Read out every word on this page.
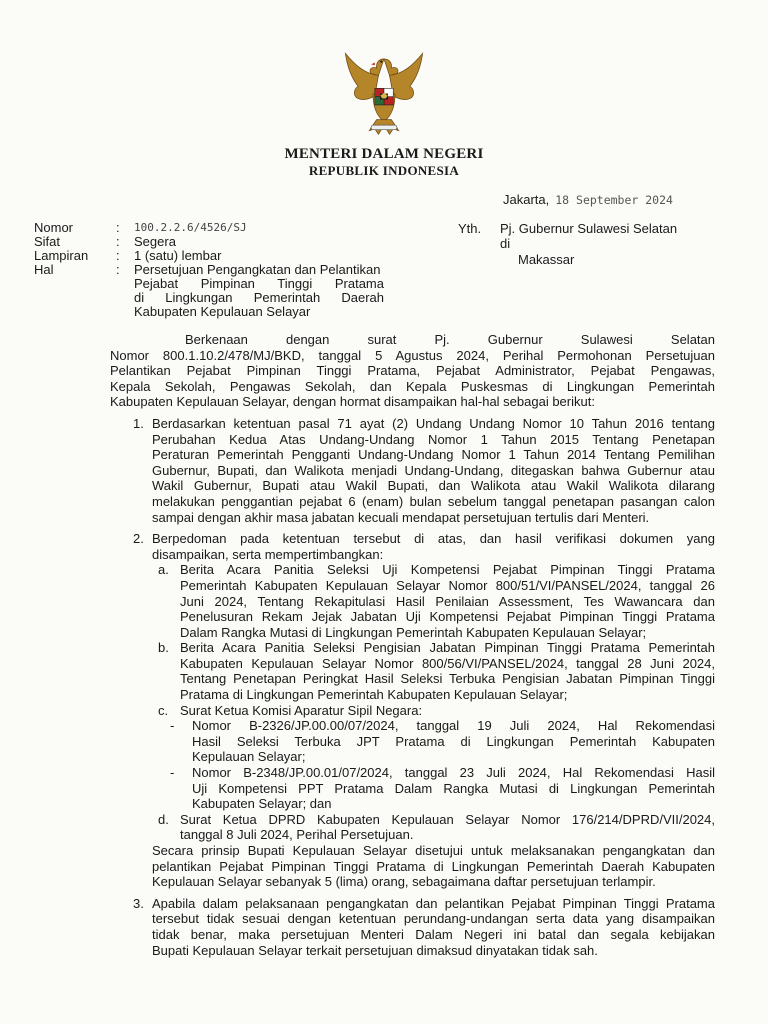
MENTERI DALAM NEGERI
REPUBLIK INDONESIA
Jakarta, 18 September 2024
Nomor	:	100.2.2.6/4526/SJ
Sifat	:	Segera
Lampiran	:	1 (satu) lembar
Hal	:	Persetujuan Pengangkatan dan Pelantikan
Pejabat Pimpinan Tinggi Pratama
di Lingkungan Pemerintah Daerah
Kabupaten Kepulauan Selayar
Yth.	Pj. Gubernur Sulawesi Selatan
di
Makassar
Berkenaan dengan surat Pj. Gubernur Sulawesi Selatan
Nomor 800.1.10.2/478/MJ/BKD, tanggal 5 Agustus 2024, Perihal Permohonan Persetujuan
Pelantikan Pejabat Pimpinan Tinggi Pratama, Pejabat Administrator, Pejabat Pengawas,
Kepala Sekolah, Pengawas Sekolah, dan Kepala Puskesmas di Lingkungan Pemerintah
Kabupaten Kepulauan Selayar, dengan hormat disampaikan hal-hal sebagai berikut:
1. Berdasarkan ketentuan pasal 71 ayat (2) Undang Undang Nomor 10 Tahun 2016 tentang
Perubahan Kedua Atas Undang-Undang Nomor 1 Tahun 2015 Tentang Penetapan
Peraturan Pemerintah Pengganti Undang-Undang Nomor 1 Tahun 2014 Tentang Pemilihan
Gubernur, Bupati, dan Walikota menjadi Undang-Undang, ditegaskan bahwa Gubernur atau
Wakil Gubernur, Bupati atau Wakil Bupati, dan Walikota atau Wakil Walikota dilarang
melakukan penggantian pejabat 6 (enam) bulan sebelum tanggal penetapan pasangan calon
sampai dengan akhir masa jabatan kecuali mendapat persetujuan tertulis dari Menteri.
2. Berpedoman pada ketentuan tersebut di atas, dan hasil verifikasi dokumen yang
disampaikan, serta mempertimbangkan:
a. Berita Acara Panitia Seleksi Uji Kompetensi Pejabat Pimpinan Tinggi Pratama
Pemerintah Kabupaten Kepulauan Selayar Nomor 800/51/VI/PANSEL/2024, tanggal 26
Juni 2024, Tentang Rekapitulasi Hasil Penilaian Assessment, Tes Wawancara dan
Penelusuran Rekam Jejak Jabatan Uji Kompetensi Pejabat Pimpinan Tinggi Pratama
Dalam Rangka Mutasi di Lingkungan Pemerintah Kabupaten Kepulauan Selayar;
b. Berita Acara Panitia Seleksi Pengisian Jabatan Pimpinan Tinggi Pratama Pemerintah
Kabupaten Kepulauan Selayar Nomor 800/56/VI/PANSEL/2024, tanggal 28 Juni 2024,
Tentang Penetapan Peringkat Hasil Seleksi Terbuka Pengisian Jabatan Pimpinan Tinggi
Pratama di Lingkungan Pemerintah Kabupaten Kepulauan Selayar;
c. Surat Ketua Komisi Aparatur Sipil Negara:
- Nomor B-2326/JP.00.00/07/2024, tanggal 19 Juli 2024, Hal Rekomendasi
Hasil Seleksi Terbuka JPT Pratama di Lingkungan Pemerintah Kabupaten
Kepulauan Selayar;
- Nomor B-2348/JP.00.01/07/2024, tanggal 23 Juli 2024, Hal Rekomendasi Hasil
Uji Kompetensi PPT Pratama Dalam Rangka Mutasi di Lingkungan Pemerintah
Kabupaten Selayar; dan
d. Surat Ketua DPRD Kabupaten Kepulauan Selayar Nomor 176/214/DPRD/VII/2024,
tanggal 8 Juli 2024, Perihal Persetujuan.
Secara prinsip Bupati Kepulauan Selayar disetujui untuk melaksanakan pengangkatan dan
pelantikan Pejabat Pimpinan Tinggi Pratama di Lingkungan Pemerintah Daerah Kabupaten
Kepulauan Selayar sebanyak 5 (lima) orang, sebagaimana daftar persetujuan terlampir.
3. Apabila dalam pelaksanaan pengangkatan dan pelantikan Pejabat Pimpinan Tinggi Pratama
tersebut tidak sesuai dengan ketentuan perundang-undangan serta data yang disampaikan
tidak benar, maka persetujuan Menteri Dalam Negeri ini batal dan segala kebijakan
Bupati Kepulauan Selayar terkait persetujuan dimaksud dinyatakan tidak sah.
